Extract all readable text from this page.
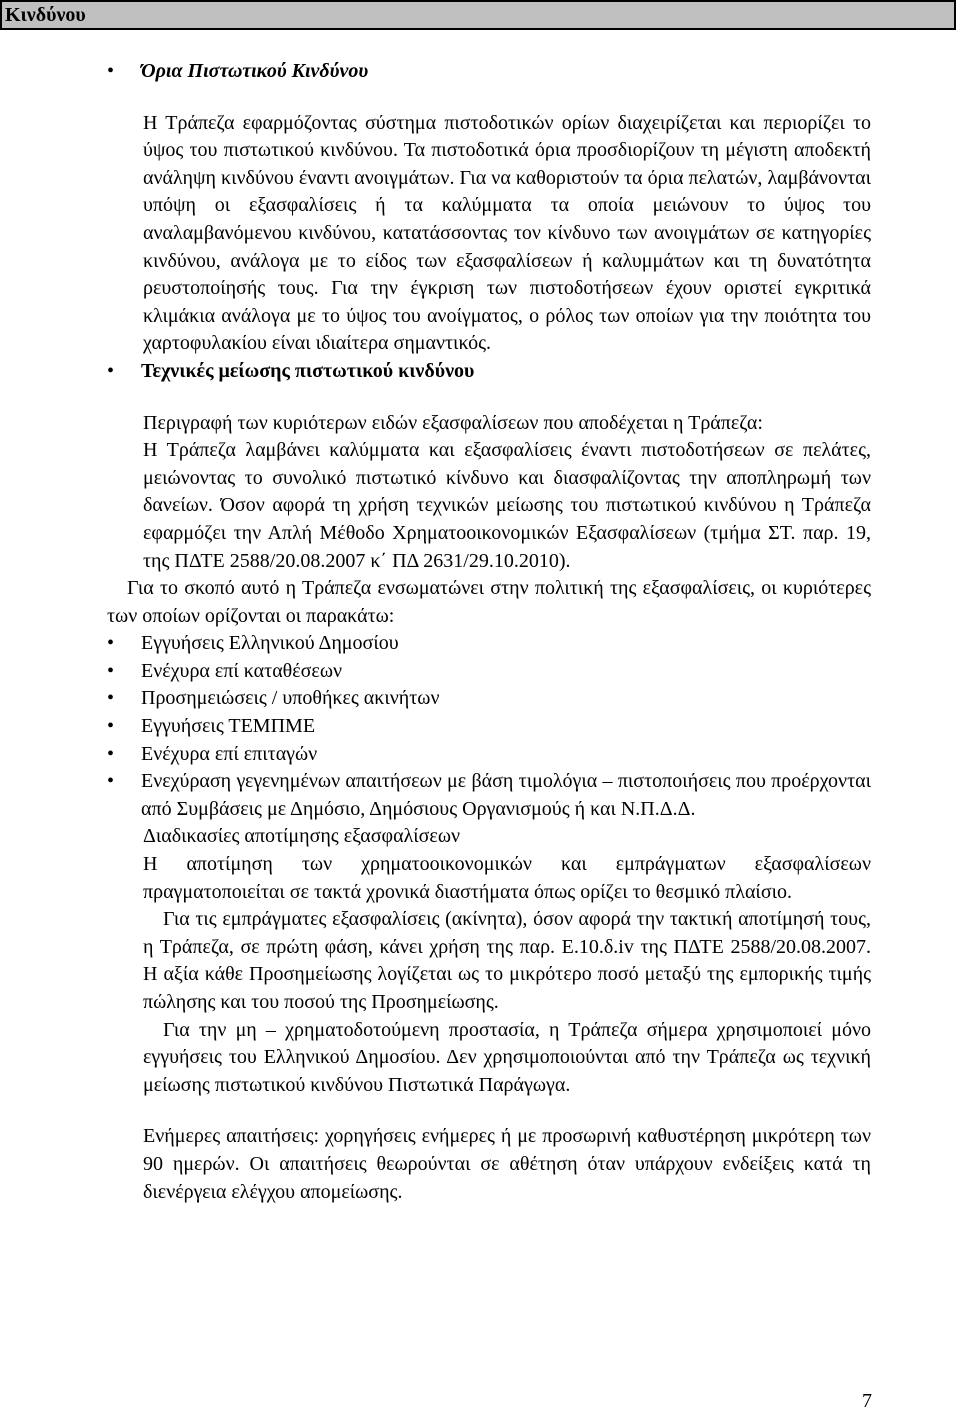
Κινδύνου
•	Όρια Πιστωτικού Κινδύνου

Η Τράπεζα εφαρμόζοντας σύστημα πιστοδοτικών ορίων διαχειρίζεται και περιορίζει το ύψος του πιστωτικού κινδύνου. Τα πιστοδοτικά όρια προσδιορίζουν τη μέγιστη αποδεκτή ανάληψη κινδύνου έναντι ανοιγμάτων. Για να καθοριστούν τα όρια πελατών, λαμβάνονται υπόψη οι εξασφαλίσεις ή τα καλύμματα τα οποία μειώνουν το ύψος του αναλαμβανόμενου κινδύνου, κατατάσσοντας τον κίνδυνο των ανοιγμάτων σε κατηγορίες κινδύνου, ανάλογα με το είδος των εξασφαλίσεων ή καλυμμάτων και τη δυνατότητα ρευστοποίησής τους. Για την έγκριση των πιστοδοτήσεων έχουν οριστεί εγκριτικά κλιμάκια ανάλογα με το ύψος του ανοίγματος, ο ρόλος των οποίων για την ποιότητα του χαρτοφυλακίου είναι ιδιαίτερα σημαντικός.

•	Τεχνικές μείωσης πιστωτικού κινδύνου

Περιγραφή των κυριότερων ειδών εξασφαλίσεων που αποδέχεται η Τράπεζα:

Η Τράπεζα λαμβάνει καλύμματα και εξασφαλίσεις έναντι πιστοδοτήσεων σε πελάτες, μειώνοντας το συνολικό πιστωτικό κίνδυνο και διασφαλίζοντας την αποπληρωμή των δανείων. Όσον αφορά τη χρήση τεχνικών μείωσης του πιστωτικού κινδύνου η Τράπεζα εφαρμόζει την Απλή Μέθοδο Χρηματοοικονομικών Εξασφαλίσεων (τμήμα ΣΤ. παρ. 19, της ΠΔΤΕ 2588/20.08.2007 κ΄ ΠΔ 2631/29.10.2010).

Για το σκοπό αυτό η Τράπεζα ενσωματώνει στην πολιτική της εξασφαλίσεις, οι κυριότερες των οποίων ορίζονται οι παρακάτω:

•	Εγγυήσεις Ελληνικού Δημοσίου

•	Ενέχυρα επί καταθέσεων

•	Προσημειώσεις / υποθήκες ακινήτων

•	Εγγυήσεις ΤΕΜΠΜΕ

•	Ενέχυρα επί επιταγών

•	Ενεχύραση γεγενημένων απαιτήσεων με βάση τιμολόγια – πιστοποιήσεις που προέρχονται από Συμβάσεις με Δημόσιο, Δημόσιους Οργανισμούς ή και Ν.Π.Δ.Δ.

Διαδικασίες αποτίμησης εξασφαλίσεων

Η αποτίμηση των χρηματοοικονομικών και εμπράγματων εξασφαλίσεων πραγματοποιείται σε τακτά χρονικά διαστήματα όπως ορίζει το θεσμικό πλαίσιο.

Για τις εμπράγματες εξασφαλίσεις (ακίνητα), όσον αφορά την τακτική αποτίμησή τους, η Τράπεζα, σε πρώτη φάση, κάνει χρήση της παρ. Ε.10.δ.iv της ΠΔΤΕ 2588/20.08.2007. Η αξία κάθε Προσημείωσης λογίζεται ως το μικρότερο ποσό μεταξύ της εμπορικής τιμής πώλησης και του ποσού της Προσημείωσης.

Για την μη – χρηματοδοτούμενη προστασία, η Τράπεζα σήμερα χρησιμοποιεί μόνο εγγυήσεις του Ελληνικού Δημοσίου. Δεν χρησιμοποιούνται από την Τράπεζα ως τεχνική μείωσης πιστωτικού κινδύνου Πιστωτικά Παράγωγα.

Ενήμερες απαιτήσεις: χορηγήσεις ενήμερες ή με προσωρινή καθυστέρηση μικρότερη των 90 ημερών. Οι απαιτήσεις θεωρούνται σε αθέτηση όταν υπάρχουν ενδείξεις κατά τη διενέργεια ελέγχου απομείωσης.

7
